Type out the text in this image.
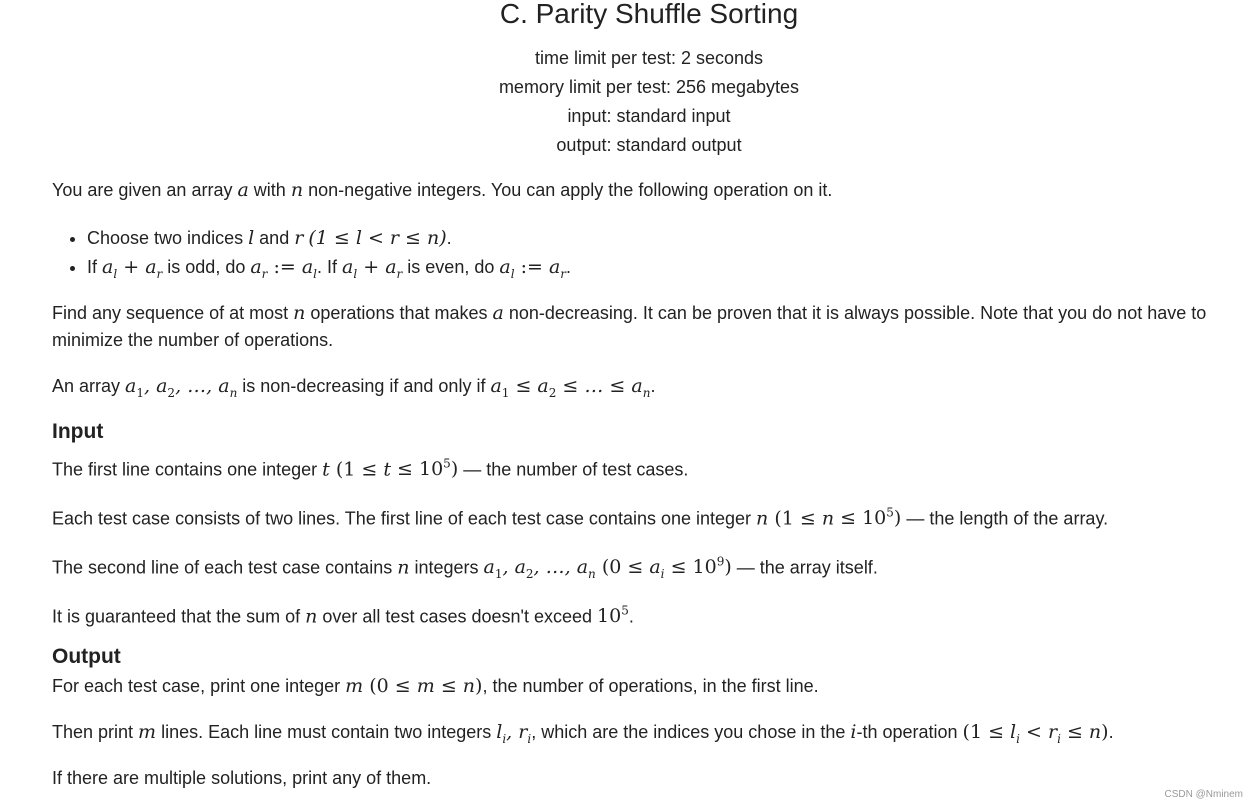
C. Parity Shuffle Sorting
time limit per test: 2 seconds
memory limit per test: 256 megabytes
input: standard input
output: standard output

You are given an array a with n non-negative integers. You can apply the following operation on it.

• Choose two indices l and r (1 ≤ l < r ≤ n).
• If $a_l + a_r$ is odd, do $a_r$ := $a_l$. If $a_l + a_r$ is even, do $a_l$ := $a_r$.

Find any sequence of at most n operations that makes a non-decreasing. It can be proven that it is always possible. Note that you do not have to minimize the number of operations.

An array $a_1$, $a_2$, …, $a_n$ is non-decreasing if and only if $a_1 \le a_2$ ≤ … ≤ $a_n$.

Input

The first line contains one integer t $(1 \le t \le 10^5)$ — the number of test cases.

Each test case consists of two lines. The first line of each test case contains one integer n $(1 \le n \le 10^5)$ — the length of the array.

The second line of each test case contains n integers $a_1$, $a_2$, …, $a_n$ $(0 \le a_i \le 10^9)$ — the array itself.

It is guaranteed that the sum of n over all test cases doesn't exceed $10^5$.

Output

For each test case, print one integer m (0 ≤ m ≤ n), the number of operations, in the first line.

Then print m lines. Each line must contain two integers $l_i$, $r_i$, which are the indices you chose in the i-th operation $(1 \le l_i < r_i \le n)$.

If there are multiple solutions, print any of them.

CSDN @Nminem
